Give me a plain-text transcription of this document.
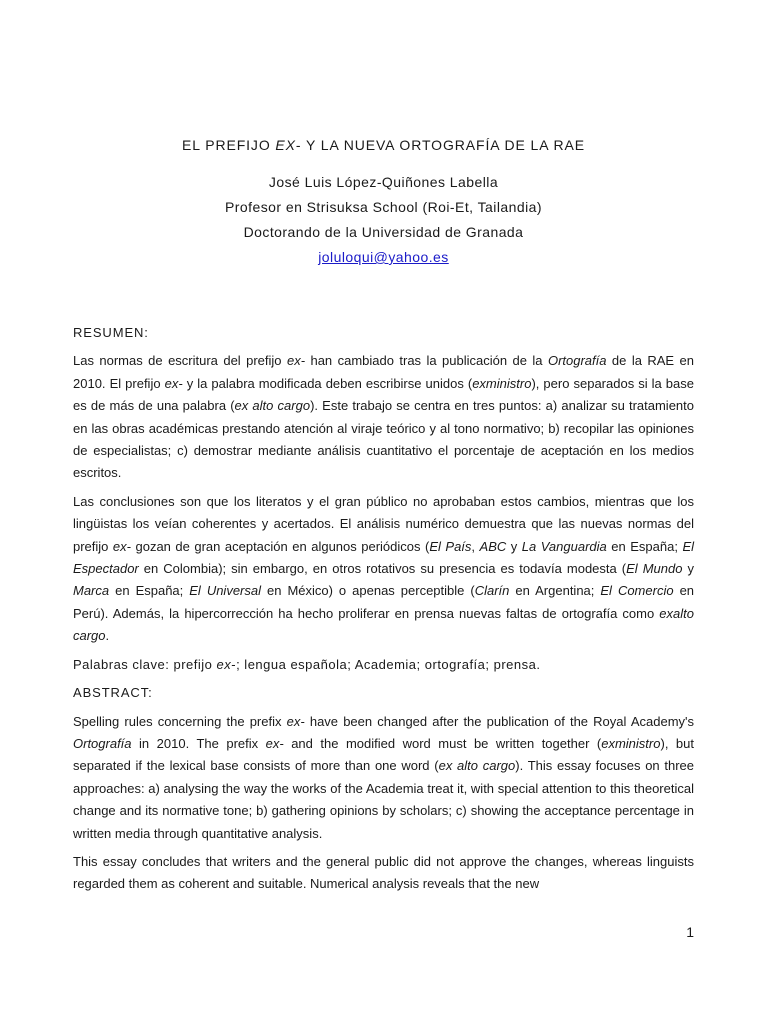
EL PREFIJO EX- Y LA NUEVA ORTOGRAFÍA DE LA RAE
José Luis López-Quiñones Labella
Profesor en Strisuksa School (Roi-Et, Tailandia)
Doctorando de la Universidad de Granada
joluloqui@yahoo.es
RESUMEN:

Las normas de escritura del prefijo ex- han cambiado tras la publicación de la Ortografía de la RAE en 2010. El prefijo ex- y la palabra modificada deben escribirse unidos (exministro), pero separados si la base es de más de una palabra (ex alto cargo). Este trabajo se centra en tres puntos: a) analizar su tratamiento en las obras académicas prestando atención al viraje teórico y al tono normativo; b) recopilar las opiniones de especialistas; c) demostrar mediante análisis cuantitativo el porcentaje de aceptación en los medios escritos.

Las conclusiones son que los literatos y el gran público no aprobaban estos cambios, mientras que los lingüistas los veían coherentes y acertados. El análisis numérico demuestra que las nuevas normas del prefijo ex- gozan de gran aceptación en algunos periódicos (El País, ABC y La Vanguardia en España; El Espectador en Colombia); sin embargo, en otros rotativos su presencia es todavía modesta (El Mundo y Marca en España; El Universal en México) o apenas perceptible (Clarín en Argentina; El Comercio en Perú). Además, la hipercorrección ha hecho proliferar en prensa nuevas faltas de ortografía como exalto cargo.

Palabras clave: prefijo ex-; lengua española; Academia; ortografía; prensa.

ABSTRACT:

Spelling rules concerning the prefix ex- have been changed after the publication of the Royal Academy's Ortografía in 2010. The prefix ex- and the modified word must be written together (exministro), but separated if the lexical base consists of more than one word (ex alto cargo). This essay focuses on three approaches: a) analysing the way the works of the Academia treat it, with special attention to this theoretical change and its normative tone; b) gathering opinions by scholars; c) showing the acceptance percentage in written media through quantitative analysis.

This essay concludes that writers and the general public did not approve the changes, whereas linguists regarded them as coherent and suitable. Numerical analysis reveals that the new

1
